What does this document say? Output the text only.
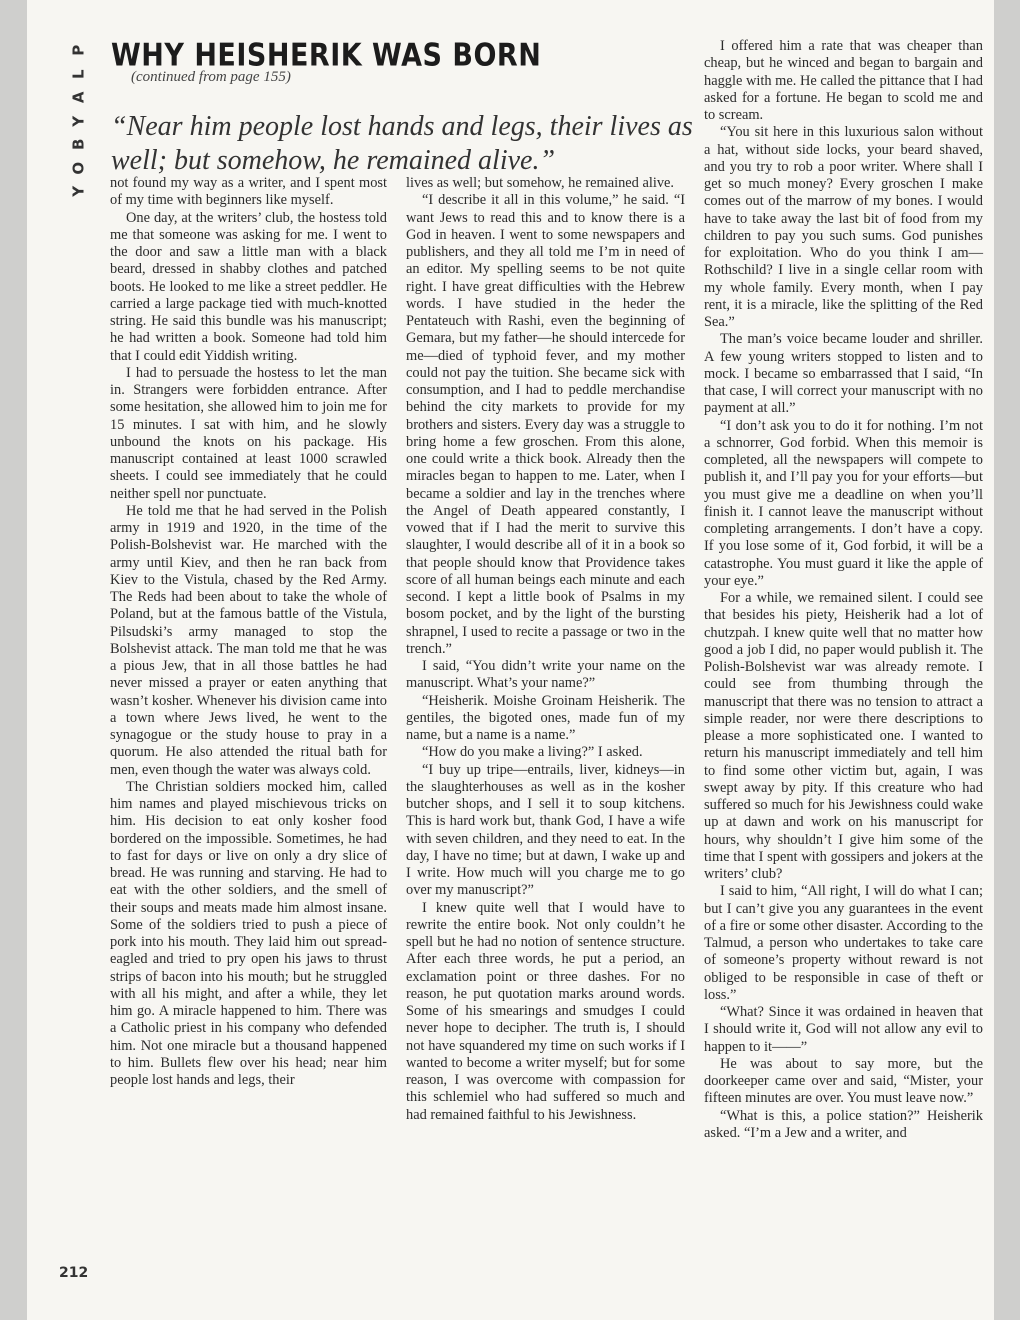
P
L
A
Y
B
O
Y
WHY HEISHERIK WAS BORN (continued from page 155)
“Near him people lost hands and legs, their lives as well; but somehow, he remained alive.”

not found my way as a writer, and I spent most of my time with beginners like myself.

One day, at the writers’ club, the hostess told me that someone was asking for me. I went to the door and saw a little man with a black beard, dressed in shabby clothes and patched boots. He looked to me like a street peddler. He carried a large package tied with much-knotted string. He said this bundle was his manuscript; he had written a book. Someone had told him that I could edit Yiddish writing.

I had to persuade the hostess to let the man in. Strangers were forbidden entrance. After some hesitation, she allowed him to join me for 15 minutes. I sat with him, and he slowly unbound the knots on his package. His manuscript contained at least 1000 scrawled sheets. I could see immediately that he could neither spell nor punctuate.

He told me that he had served in the Polish army in 1919 and 1920, in the time of the Polish-Bolshevist war. He marched with the army until Kiev, and then he ran back from Kiev to the Vistula, chased by the Red Army. The Reds had been about to take the whole of Poland, but at the famous battle of the Vistula, Pilsudski’s army managed to stop the Bolshevist attack. The man told me that he was a pious Jew, that in all those battles he had never missed a prayer or eaten anything that wasn’t kosher. Whenever his division came into a town where Jews lived, he went to the synagogue or the study house to pray in a quorum. He also attended the ritual bath for men, even though the water was always cold.

The Christian soldiers mocked him, called him names and played mischievous tricks on him. His decision to eat only kosher food bordered on the impossible. Sometimes, he had to fast for days or live on only a dry slice of bread. He was running and starving. He had to eat with the other soldiers, and the smell of their soups and meats made him almost insane. Some of the soldiers tried to push a piece of pork into his mouth. They laid him out spread-eagled and tried to pry open his jaws to thrust strips of bacon into his mouth; but he struggled with all his might, and after a while, they let him go. A miracle happened to him. There was a Catholic priest in his company who defended him. Not one miracle but a thousand happened to him. Bullets flew over his head; near him people lost hands and legs, their

lives as well; but somehow, he remained alive.

“I describe it all in this volume,” he said. “I want Jews to read this and to know there is a God in heaven. I went to some newspapers and publishers, and they all told me I’m in need of an editor. My spelling seems to be not quite right. I have great difficulties with the Hebrew words. I have studied in the heder the Pentateuch with Rashi, even the beginning of Gemara, but my father—he should intercede for me—died of typhoid fever, and my mother could not pay the tuition. She became sick with consumption, and I had to peddle merchandise behind the city markets to provide for my brothers and sisters. Every day was a struggle to bring home a few groschen. From this alone, one could write a thick book. Already then the miracles began to happen to me. Later, when I became a soldier and lay in the trenches where the Angel of Death appeared constantly, I vowed that if I had the merit to survive this slaughter, I would describe all of it in a book so that people should know that Providence takes score of all human beings each minute and each second. I kept a little book of Psalms in my bosom pocket, and by the light of the bursting shrapnel, I used to recite a passage or two in the trench.”

I said, “You didn’t write your name on the manuscript. What’s your name?”

“Heisherik. Moishe Groinam Heisherik. The gentiles, the bigoted ones, made fun of my name, but a name is a name.”

“How do you make a living?” I asked.

“I buy up tripe—entrails, liver, kidneys—in the slaughterhouses as well as in the kosher butcher shops, and I sell it to soup kitchens. This is hard work but, thank God, I have a wife with seven children, and they need to eat. In the day, I have no time; but at dawn, I wake up and I write. How much will you charge me to go over my manuscript?”

I knew quite well that I would have to rewrite the entire book. Not only couldn’t he spell but he had no notion of sentence structure. After each three words, he put a period, an exclamation point or three dashes. For no reason, he put quotation marks around words. Some of his smearings and smudges I could never hope to decipher. The truth is, I should not have squandered my time on such works if I wanted to become a writer myself; but for some reason, I was overcome with compassion for this schlemiel who had suffered so much and had remained faithful to his Jewishness.

I offered him a rate that was cheaper than cheap, but he winced and began to bargain and haggle with me. He called the pittance that I had asked for a fortune. He began to scold me and to scream.

“You sit here in this luxurious salon without a hat, without side locks, your beard shaved, and you try to rob a poor writer. Where shall I get so much money? Every groschen I make comes out of the marrow of my bones. I would have to take away the last bit of food from my children to pay you such sums. God punishes for exploitation. Who do you think I am—Rothschild? I live in a single cellar room with my whole family. Every month, when I pay rent, it is a miracle, like the splitting of the Red Sea.”

The man’s voice became louder and shriller. A few young writers stopped to listen and to mock. I became so embarrassed that I said, “In that case, I will correct your manuscript with no payment at all.”

“I don’t ask you to do it for nothing. I’m not a schnorrer, God forbid. When this memoir is completed, all the newspapers will compete to publish it, and I’ll pay you for your efforts—but you must give me a deadline on when you’ll finish it. I cannot leave the manuscript without completing arrangements. I don’t have a copy. If you lose some of it, God forbid, it will be a catastrophe. You must guard it like the apple of your eye.”

For a while, we remained silent. I could see that besides his piety, Heisherik had a lot of chutzpah. I knew quite well that no matter how good a job I did, no paper would publish it. The Polish-Bolshevist war was already remote. I could see from thumbing through the manuscript that there was no tension to attract a simple reader, nor were there descriptions to please a more sophisticated one. I wanted to return his manuscript immediately and tell him to find some other victim but, again, I was swept away by pity. If this creature who had suffered so much for his Jewishness could wake up at dawn and work on his manuscript for hours, why shouldn’t I give him some of the time that I spent with gossipers and jokers at the writers’ club?

I said to him, “All right, I will do what I can; but I can’t give you any guarantees in the event of a fire or some other disaster. According to the Talmud, a person who undertakes to take care of someone’s property without reward is not obliged to be responsible in case of theft or loss.”

“What? Since it was ordained in heaven that I should write it, God will not allow any evil to happen to it——”

He was about to say more, but the doorkeeper came over and said, “Mister, your fifteen minutes are over. You must leave now.”

“What is this, a police station?” Heisherik asked. “I’m a Jew and a writer, and

212
